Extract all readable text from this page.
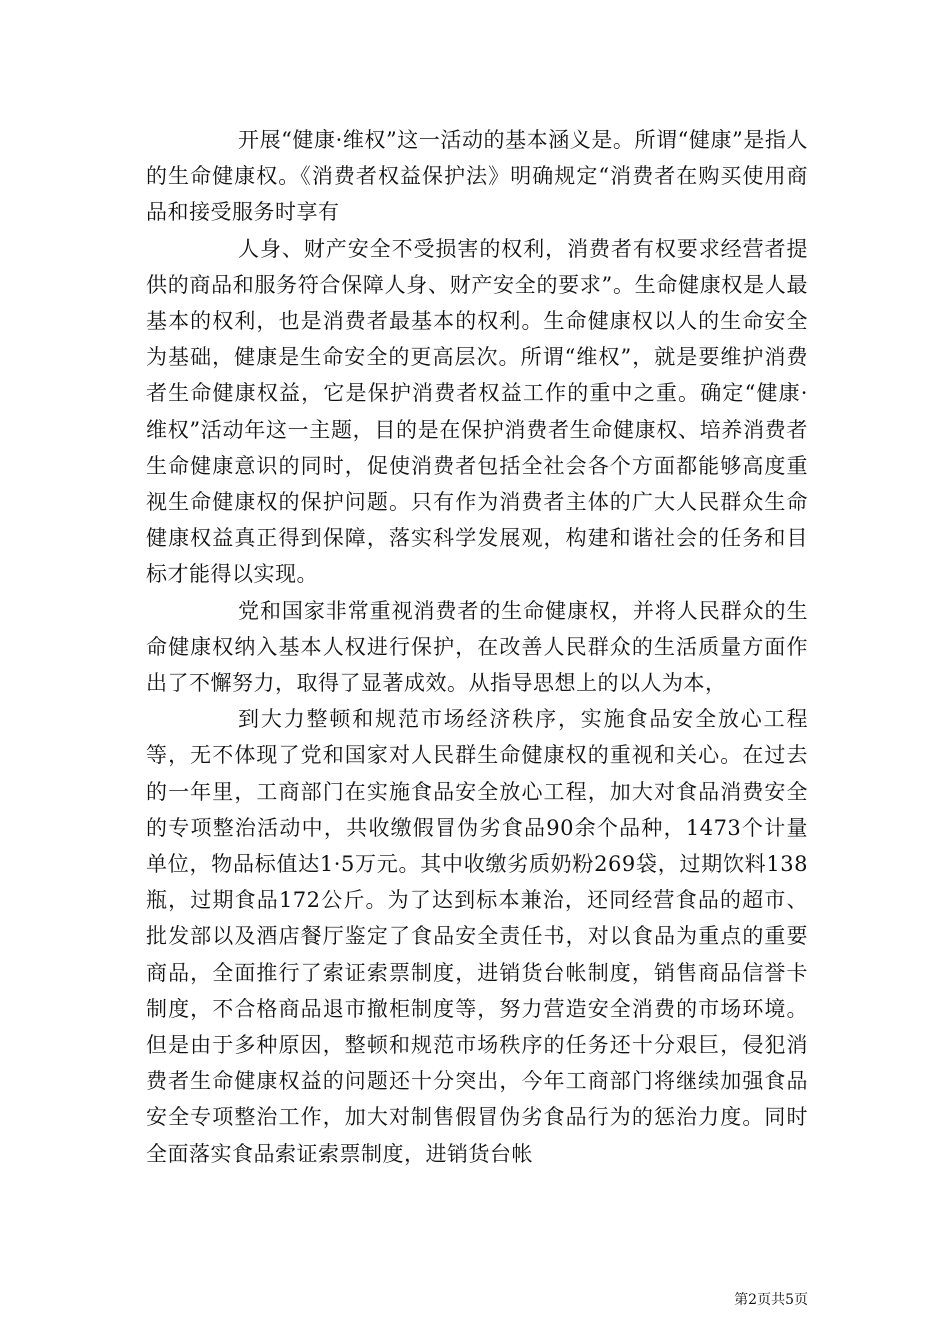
开展“健康·维权”这一活动的基本涵义是。所谓“健康”是指人的生命健康权。《消费者权益保护法》明确规定“消费者在购买使用商品和接受服务时享有

人身、财产安全不受损害的权利，消费者有权要求经营者提供的商品和服务符合保障人身、财产安全的要求”。生命健康权是人最基本的权利，也是消费者最基本的权利。生命健康权以人的生命安全为基础，健康是生命安全的更高层次。所谓“维权”，就是要维护消费者生命健康权益，它是保护消费者权益工作的重中之重。确定“健康·维权”活动年这一主题，目的是在保护消费者生命健康权、培养消费者生命健康意识的同时，促使消费者包括全社会各个方面都能够高度重视生命健康权的保护问题。只有作为消费者主体的广大人民群众生命健康权益真正得到保障，落实科学发展观，构建和谐社会的任务和目标才能得以实现。

党和国家非常重视消费者的生命健康权，并将人民群众的生命健康权纳入基本人权进行保护，在改善人民群众的生活质量方面作出了不懈努力，取得了显著成效。从指导思想上的以人为本，

到大力整顿和规范市场经济秩序，实施食品安全放心工程等，无不体现了党和国家对人民群生命健康权的重视和关心。在过去的一年里，工商部门在实施食品安全放心工程，加大对食品消费安全的专项整治活动中，共收缴假冒伪劣食品90余个品种，1473个计量单位，物品标值达1·5万元。其中收缴劣质奶粉269袋，过期饮料138瓶，过期食品172公斤。为了达到标本兼治，还同经营食品的超市、批发部以及酒店餐厅鉴定了食品安全责任书，对以食品为重点的重要商品，全面推行了索证索票制度，进销货台帐制度，销售商品信誉卡制度，不合格商品退市撤柜制度等，努力营造安全消费的市场环境。但是由于多种原因，整顿和规范市场秩序的任务还十分艰巨，侵犯消费者生命健康权益的问题还十分突出，今年工商部门将继续加强食品安全专项整治工作，加大对制售假冒伪劣食品行为的惩治力度。同时全面落实食品索证索票制度，进销货台帐

第2页共5页
